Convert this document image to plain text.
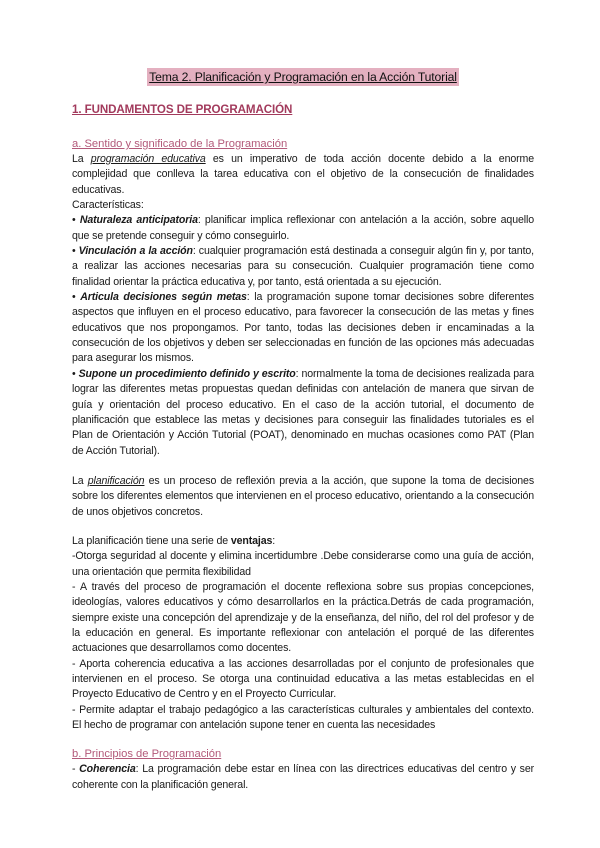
Tema 2. Planificación y Programación en la Acción Tutorial
1. FUNDAMENTOS DE PROGRAMACIÓN
a. Sentido y significado de la Programación

La programación educativa es un imperativo de toda acción docente debido a la enorme complejidad que conlleva la tarea educativa con el objetivo de la consecución de finalidades educativas.

Características:

• Naturaleza anticipatoria: planificar implica reflexionar con antelación a la acción, sobre aquello que se pretende conseguir y cómo conseguirlo.

• Vinculación a la acción: cualquier programación está destinada a conseguir algún fin y, por tanto, a realizar las acciones necesarias para su consecución. Cualquier programación tiene como finalidad orientar la práctica educativa y, por tanto, está orientada a su ejecución.

• Articula decisiones según metas: la programación supone tomar decisiones sobre diferentes aspectos que influyen en el proceso educativo, para favorecer la consecución de las metas y fines educativos que nos propongamos. Por tanto, todas las decisiones deben ir encaminadas a la consecución de los objetivos y deben ser seleccionadas en función de las opciones más adecuadas para asegurar los mismos.

• Supone un procedimiento definido y escrito: normalmente la toma de decisiones realizada para lograr las diferentes metas propuestas quedan definidas con antelación de manera que sirvan de guía y orientación del proceso educativo. En el caso de la acción tutorial, el documento de planificación que establece las metas y decisiones para conseguir las finalidades tutoriales es el Plan de Orientación y Acción Tutorial (POAT), denominado en muchas ocasiones como PAT (Plan de Acción Tutorial).

La planificación es un proceso de reflexión previa a la acción, que supone la toma de decisiones sobre los diferentes elementos que intervienen en el proceso educativo, orientando a la consecución de unos objetivos concretos.

La planificación tiene una serie de ventajas:

-Otorga seguridad al docente y elimina incertidumbre .Debe considerarse como una guía de acción, una orientación que permita flexibilidad

- A través del proceso de programación el docente reflexiona sobre sus propias concepciones, ideologías, valores educativos y cómo desarrollarlos en la práctica.Detrás de cada programación, siempre existe una concepción del aprendizaje y de la enseñanza, del niño, del rol del profesor y de la educación en general. Es importante reflexionar con antelación el porqué de las diferentes actuaciones que desarrollamos como docentes.

- Aporta coherencia educativa a las acciones desarrolladas por el conjunto de profesionales que intervienen en el proceso. Se otorga una continuidad educativa a las metas establecidas en el Proyecto Educativo de Centro y en el Proyecto Curricular.

- Permite adaptar el trabajo pedagógico a las características culturales y ambientales del contexto. El hecho de programar con antelación supone tener en cuenta las necesidades

b. Principios de Programación

- Coherencia: La programación debe estar en línea con las directrices educativas del centro y ser coherente con la planificación general.
